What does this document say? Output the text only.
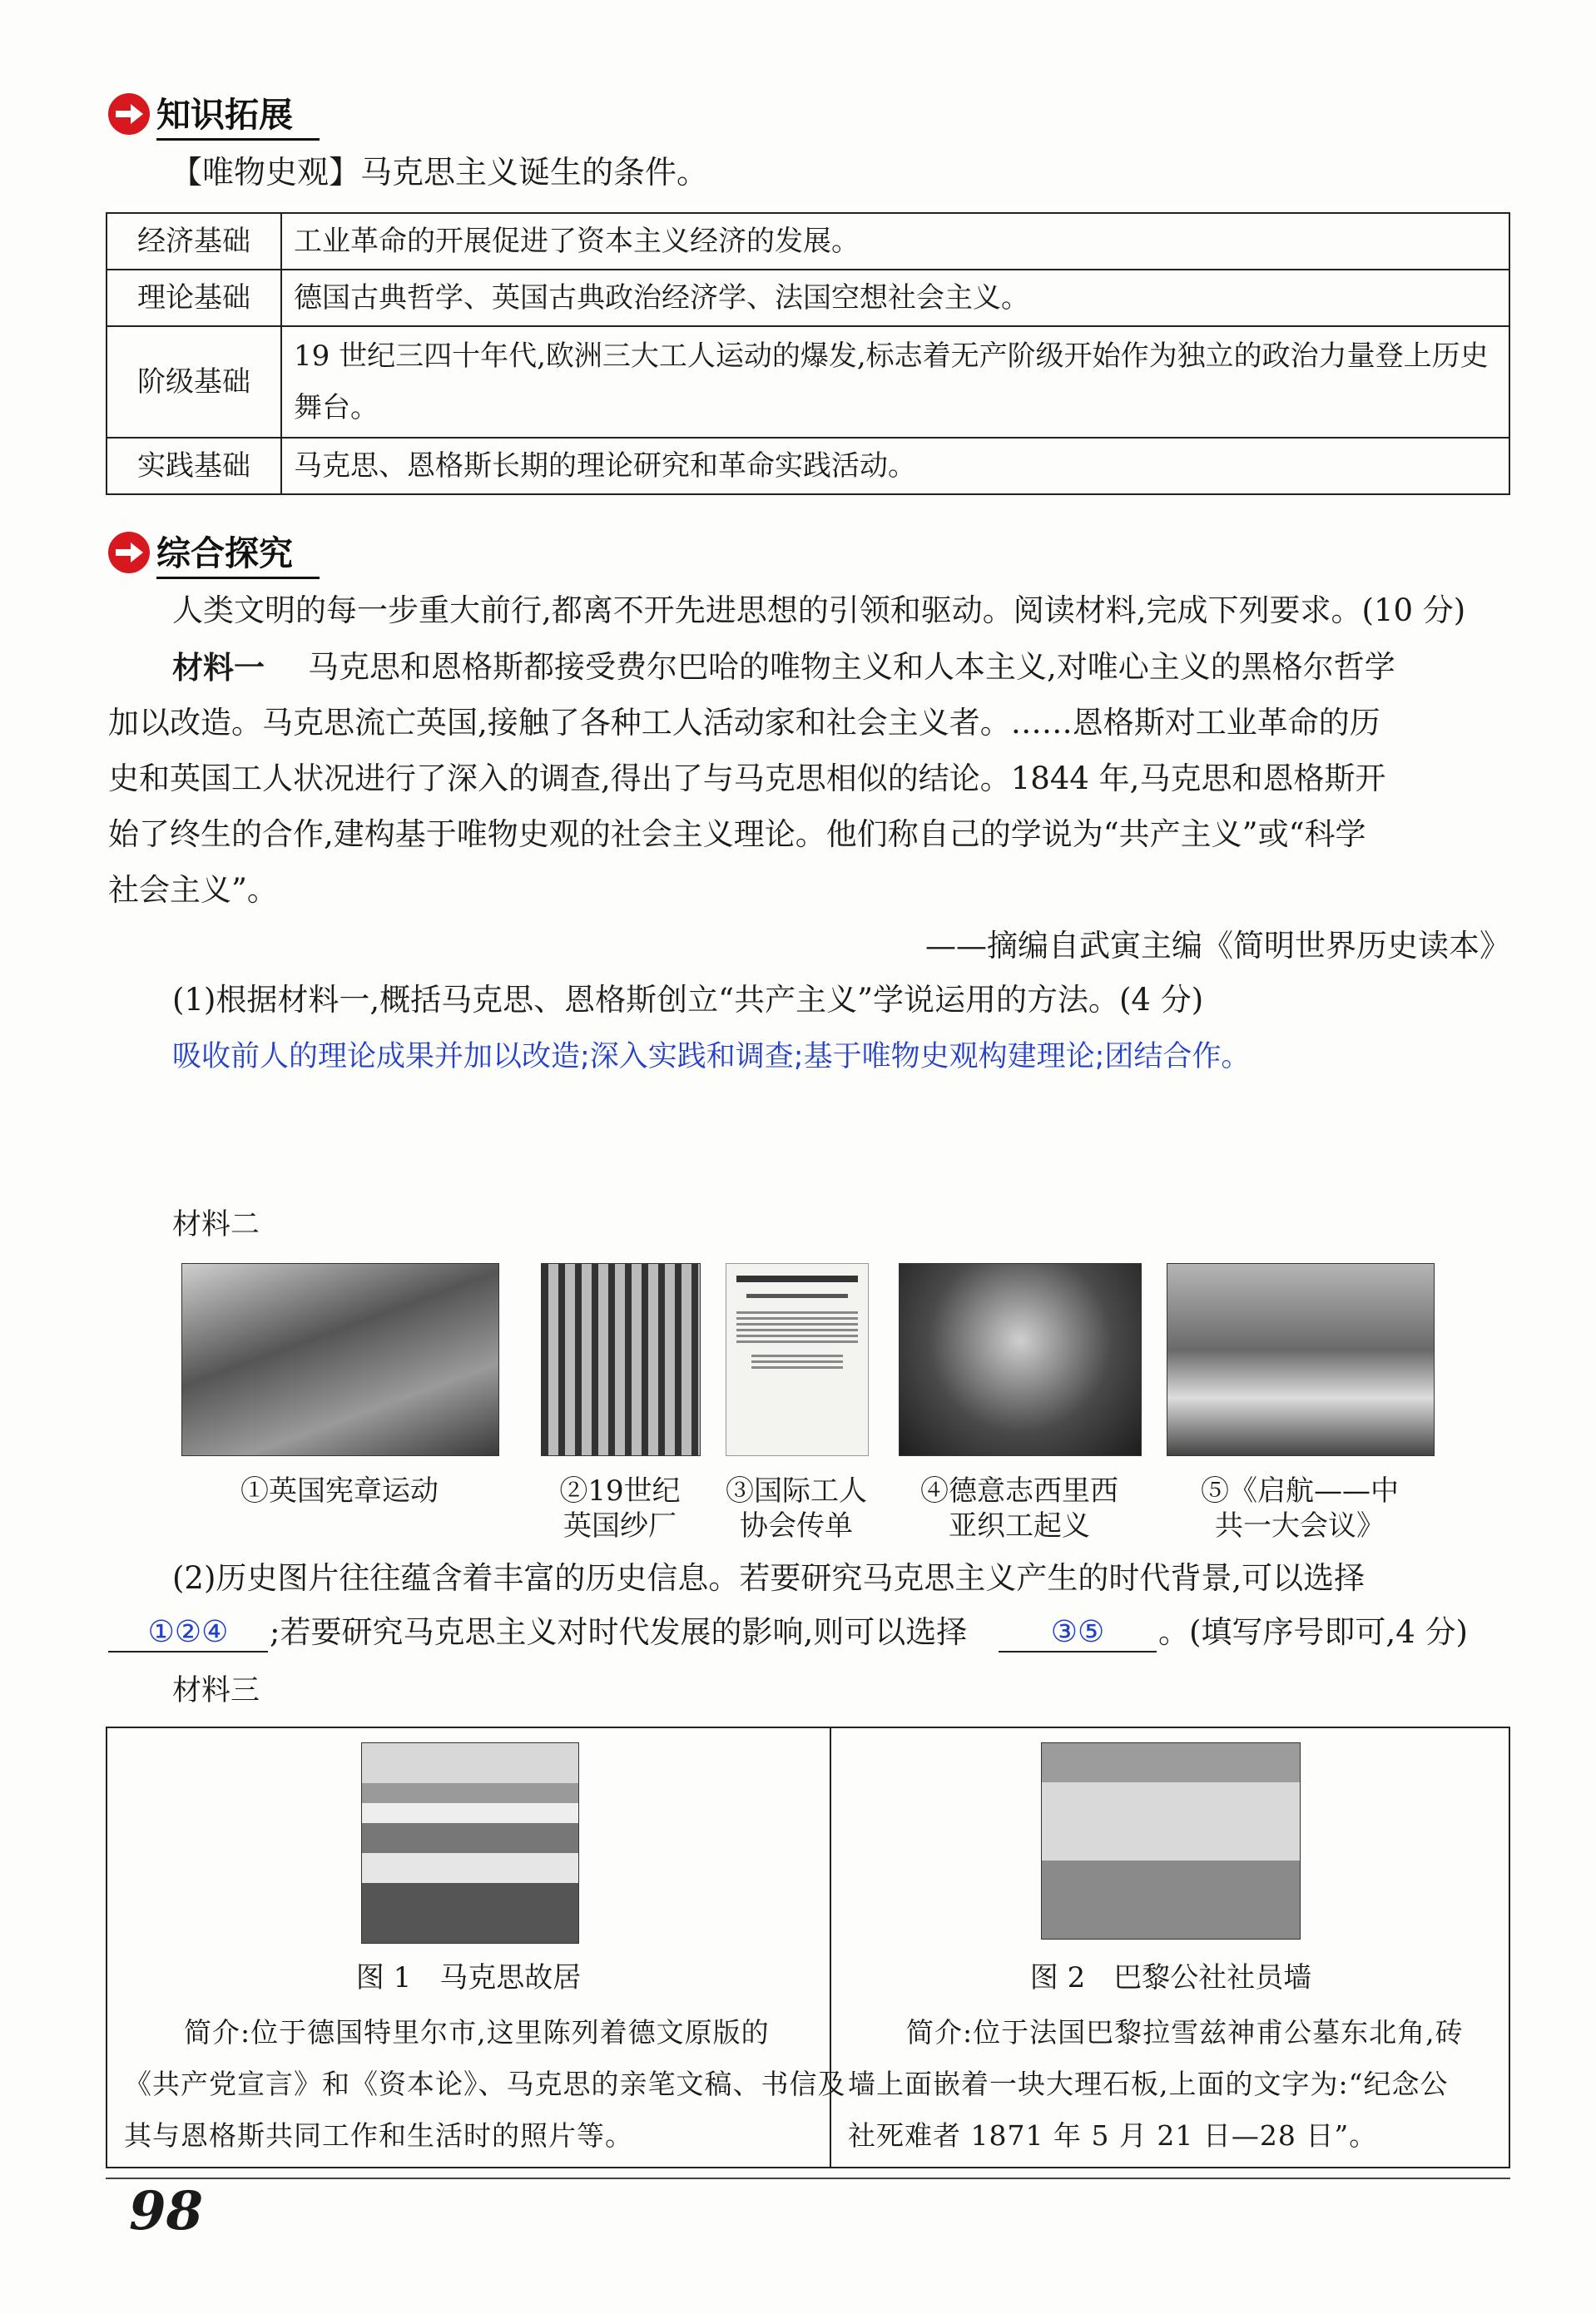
知识拓展
【唯物史观】马克思主义诞生的条件。
经济基础	工业革命的开展促进了资本主义经济的发展。
理论基础	德国古典哲学、英国古典政治经济学、法国空想社会主义。
阶级基础	19 世纪三四十年代,欧洲三大工人运动的爆发,标志着无产阶级开始作为独立的政治力量登上历史舞台。
实践基础	马克思、恩格斯长期的理论研究和革命实践活动。
综合探究
人类文明的每一步重大前行,都离不开先进思想的引领和驱动。阅读材料,完成下列要求。(10 分)
材料一 马克思和恩格斯都接受费尔巴哈的唯物主义和人本主义,对唯心主义的黑格尔哲学
加以改造。马克思流亡英国,接触了各种工人活动家和社会主义者。……恩格斯对工业革命的历
史和英国工人状况进行了深入的调查,得出了与马克思相似的结论。1844 年,马克思和恩格斯开
始了终生的合作,建构基于唯物史观的社会主义理论。他们称自己的学说为“共产主义”或“科学
社会主义”。
——摘编自武寅主编《简明世界历史读本》
(1)根据材料一,概括马克思、恩格斯创立“共产主义”学说运用的方法。(4 分)
吸收前人的理论成果并加以改造;深入实践和调查;基于唯物史观构建理论;团结合作。
材料二
①英国宪章运动	②19世纪
英国纱厂
③国际工人
协会传单
④德意志西里西
亚织工起义
⑤《启航——中
共一大会议》
(2)历史图片往往蕴含着丰富的历史信息。若要研究马克思主义产生的时代背景,可以选择
①②④	;若要研究马克思主义对时代发展的影响,则可以选择	③⑤	。(填写序号即可,4 分)
材料三
图 1　马克思故居
简介:位于德国特里尔市,这里陈列着德文原版的
《共产党宣言》和《资本论》、马克思的亲笔文稿、书信及
其与恩格斯共同工作和生活时的照片等。
图 2　巴黎公社社员墙
简介:位于法国巴黎拉雪兹神甫公墓东北角,砖
墙上面嵌着一块大理石板,上面的文字为:“纪念公
社死难者 1871 年 5 月 21 日—28 日”。
98
